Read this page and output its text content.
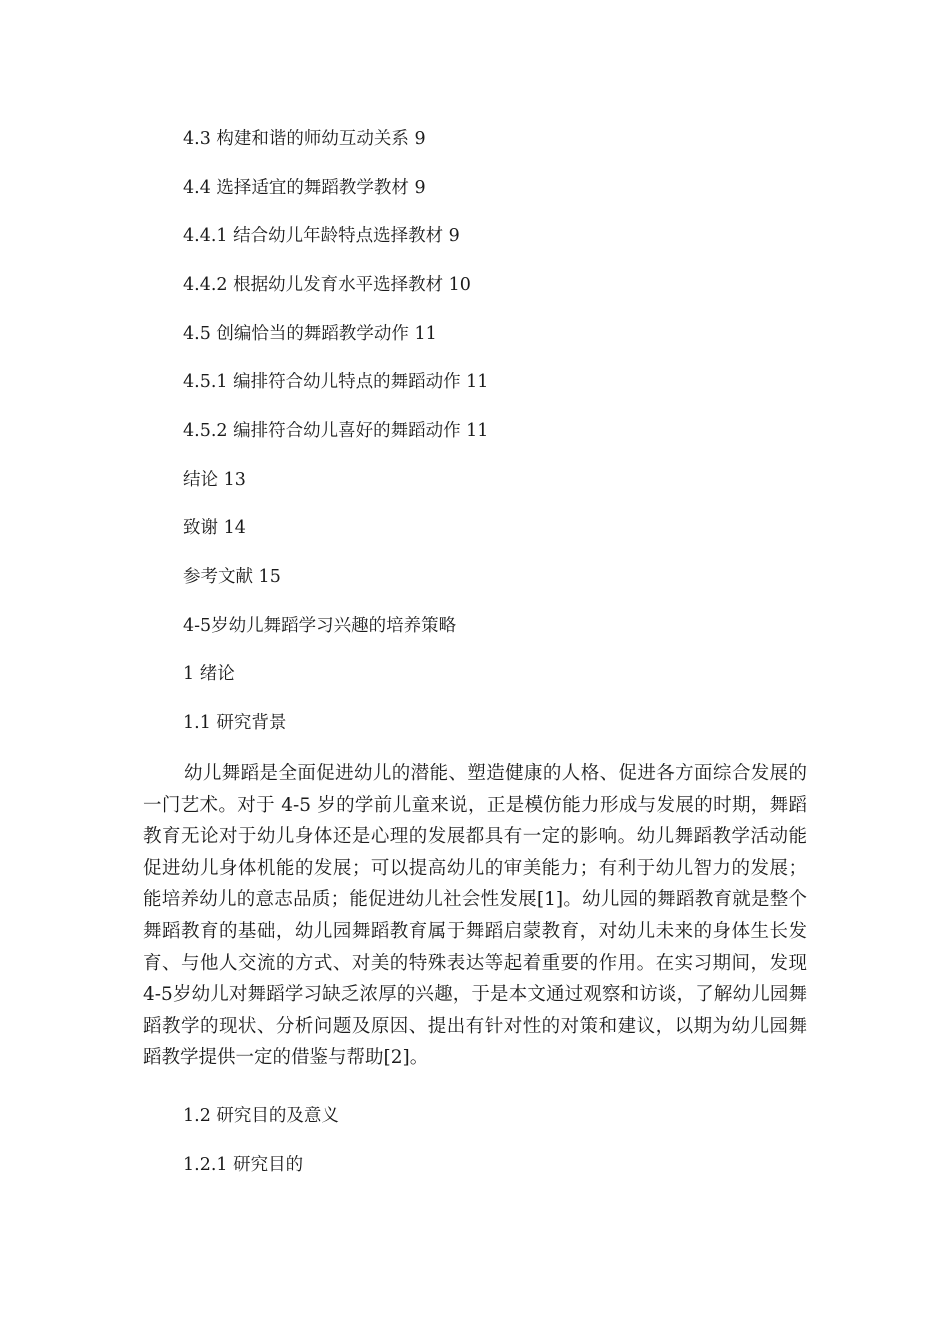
4.3 构建和谐的师幼互动关系 9
4.4 选择适宜的舞蹈教学教材 9
4.4.1 结合幼儿年龄特点选择教材 9
4.4.2 根据幼儿发育水平选择教材 10
4.5 创编恰当的舞蹈教学动作 11
4.5.1 编排符合幼儿特点的舞蹈动作 11
4.5.2 编排符合幼儿喜好的舞蹈动作 11
结论 13
致谢 14
参考文献 15
4-5岁幼儿舞蹈学习兴趣的培养策略
1 绪论
1.1 研究背景

幼儿舞蹈是全面促进幼儿的潜能、塑造健康的人格、促进各方面综合发展的一门艺术。对于 4-5 岁的学前儿童来说，正是模仿能力形成与发展的时期，舞蹈教育无论对于幼儿身体还是心理的发展都具有一定的影响。幼儿舞蹈教学活动能促进幼儿身体机能的发展；可以提高幼儿的审美能力；有利于幼儿智力的发展；能培养幼儿的意志品质；能促进幼儿社会性发展[1]。幼儿园的舞蹈教育就是整个舞蹈教育的基础，幼儿园舞蹈教育属于舞蹈启蒙教育，对幼儿未来的身体生长发育、与他人交流的方式、对美的特殊表达等起着重要的作用。在实习期间，发现4-5岁幼儿对舞蹈学习缺乏浓厚的兴趣，于是本文通过观察和访谈，了解幼儿园舞蹈教学的现状、分析问题及原因、提出有针对性的对策和建议，以期为幼儿园舞蹈教学提供一定的借鉴与帮助[2]。

1.2 研究目的及意义
1.2.1 研究目的
